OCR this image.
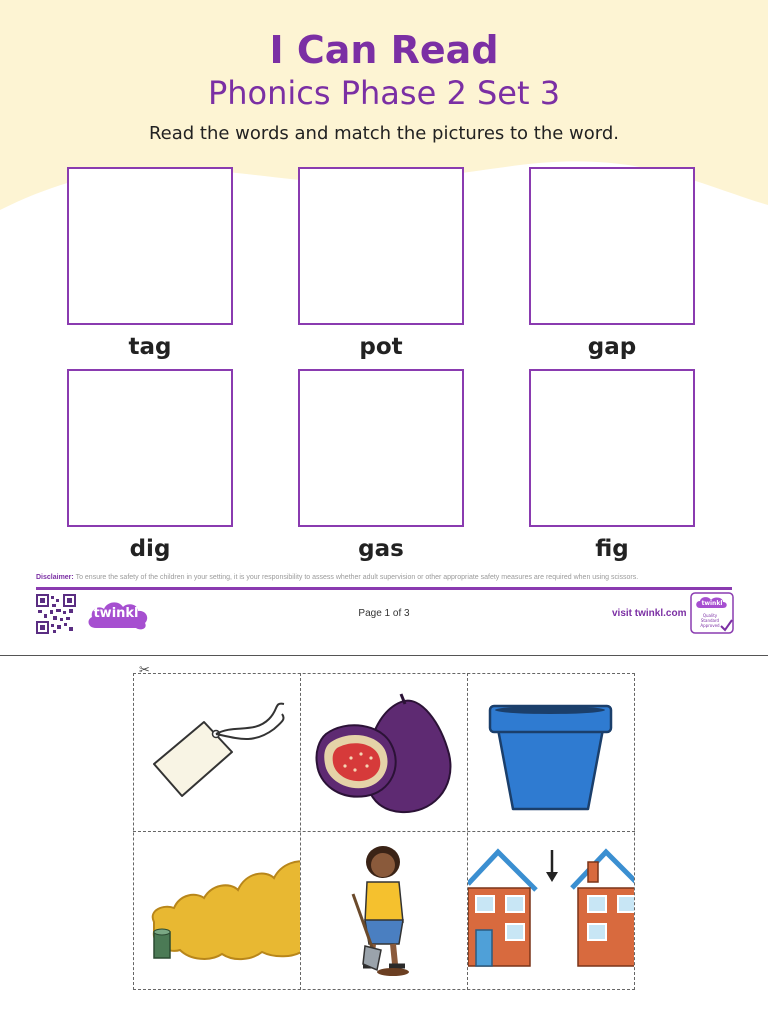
I Can Read
Phonics Phase 2 Set 3
Read the words and match the pictures to the word.
tag	pot	gap
dig	gas	fig
Disclaimer: To ensure the safety of the children in your setting, it is your responsibility to assess whether adult supervision or other appropriate safety measures are required when using scissors.
twinkl	Page 1 of 3	visit twinkl.com
twinkl
Quality Standard Approved
✂
